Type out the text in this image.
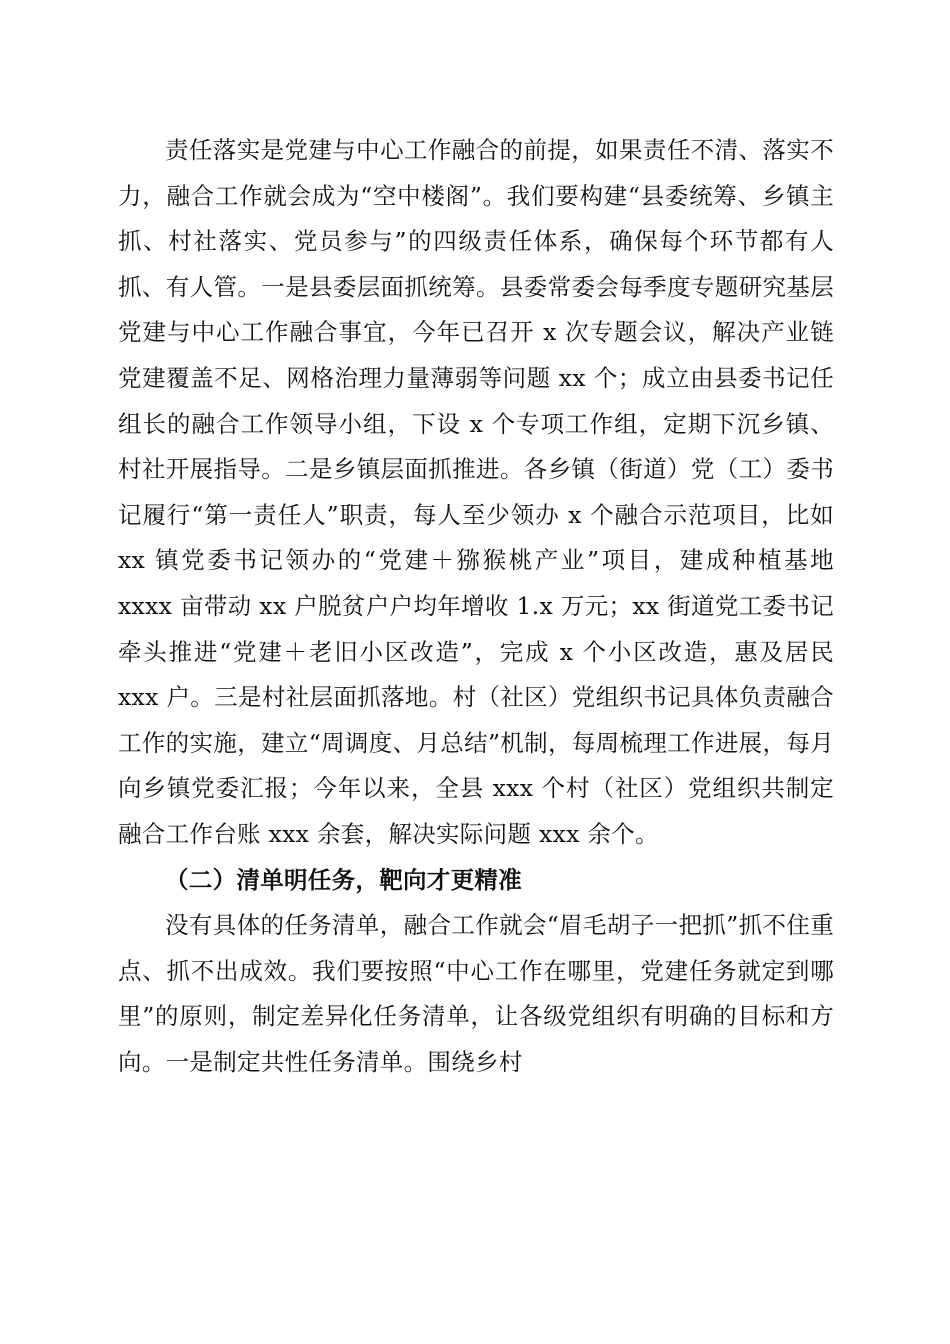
责任落实是党建与中心工作融合的前提，如果责任不清、落实不力，融合工作就会成为“空中楼阁”。我们要构建“县委统筹、乡镇主抓、村社落实、党员参与”的四级责任体系，确保每个环节都有人抓、有人管。一是县委层面抓统筹。县委常委会每季度专题研究基层党建与中心工作融合事宜，今年已召开 x 次专题会议，解决产业链党建覆盖不足、网格治理力量薄弱等问题 xx 个；成立由县委书记任组长的融合工作领导小组，下设 x 个专项工作组，定期下沉乡镇、村社开展指导。二是乡镇层面抓推进。各乡镇（街道）党（工）委书记履行“第一责任人”职责，每人至少领办 x 个融合示范项目，比如 xx 镇党委书记领办的“党建＋猕猴桃产业”项目，建成种植基地 xxxx 亩带动 xx 户脱贫户户均年增收 1.x 万元；xx 街道党工委书记牵头推进“党建＋老旧小区改造”，完成 x 个小区改造，惠及居民 xxx 户。三是村社层面抓落地。村（社区）党组织书记具体负责融合工作的实施，建立“周调度、月总结”机制，每周梳理工作进展，每月向乡镇党委汇报；今年以来，全县 xxx 个村（社区）党组织共制定融合工作台账 xxx 余套，解决实际问题 xxx 余个。

（二）清单明任务，靶向才更精准

没有具体的任务清单，融合工作就会“眉毛胡子一把抓”抓不住重点、抓不出成效。我们要按照“中心工作在哪里，党建任务就定到哪里”的原则，制定差异化任务清单，让各级党组织有明确的目标和方向。一是制定共性任务清单。围绕乡村
